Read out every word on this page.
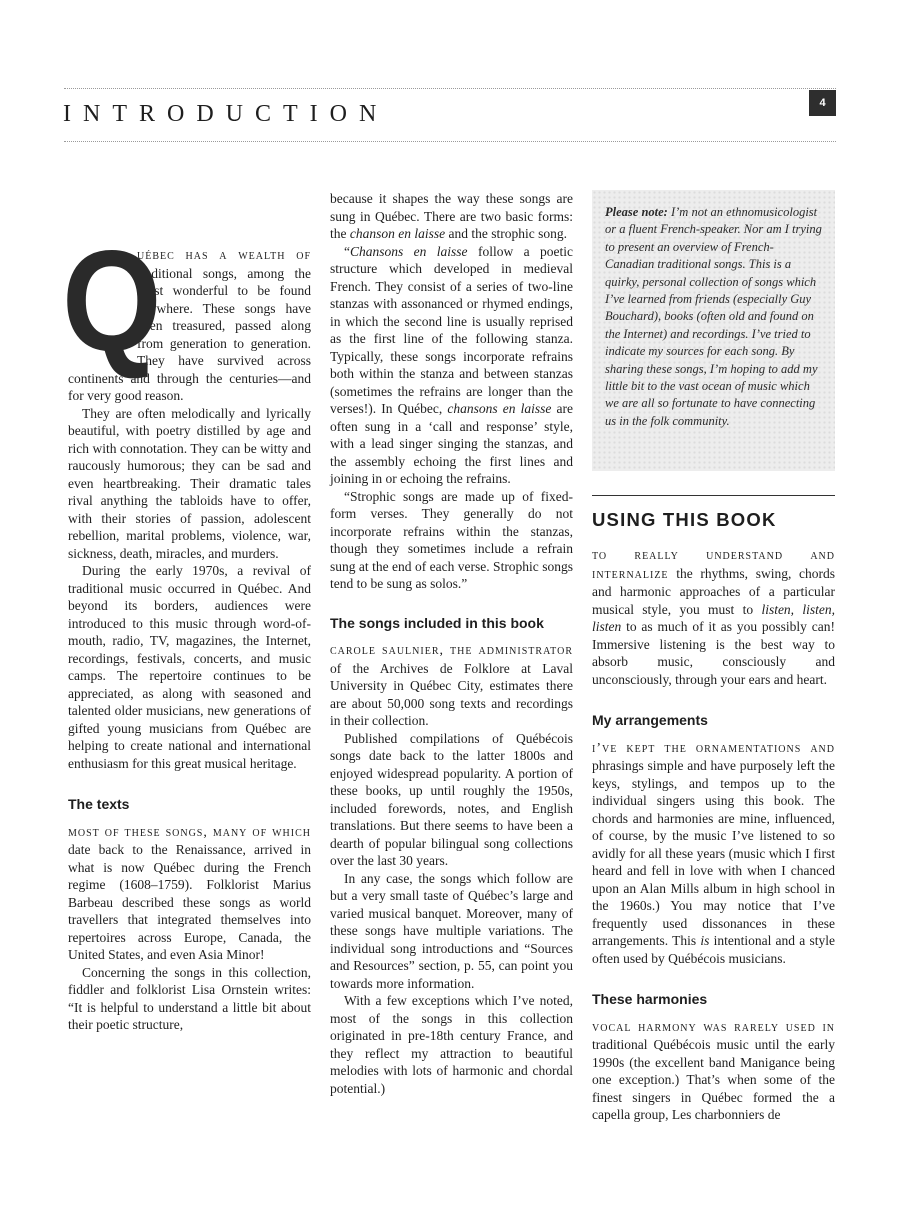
INTRODUCTION	4
Q

uébec has a wealth of traditional songs, among the most wonderful to be found anywhere. These songs have been treasured, passed along from generation to generation. They have survived across continents and through the centuries—and for very good reason.

They are often melodically and lyrically beautiful, with poetry distilled by age and rich with connotation. They can be witty and raucously humorous; they can be sad and even heartbreaking. Their dramatic tales rival anything the tabloids have to offer, with their stories of passion, adolescent rebellion, marital problems, violence, war, sickness, death, miracles, and murders.

During the early 1970s, a revival of traditional music occurred in Québec. And beyond its borders, audiences were introduced to this music through word-of-mouth, radio, TV, magazines, the Internet, recordings, festivals, concerts, and music camps. The repertoire continues to be appreciated, as along with seasoned and talented older musicians, new generations of gifted young musicians from Québec are helping to create national and international enthusiasm for this great musical heritage.

The texts

most of these songs, many of which date back to the Renaissance, arrived in what is now Québec during the French regime (1608–1759). Folklorist Marius Barbeau described these songs as world travellers that integrated themselves into repertoires across Europe, Canada, the United States, and even Asia Minor!

Concerning the songs in this collection, fiddler and folklorist Lisa Ornstein writes: “It is helpful to understand a little bit about their poetic structure,

because it shapes the way these songs are sung in Québec. There are two basic forms: the chanson en laisse and the strophic song.

“Chansons en laisse follow a poetic structure which developed in medieval French. They consist of a series of two-line stanzas with assonanced or rhymed endings, in which the second line is usually reprised as the first line of the following stanza. Typically, these songs incorporate refrains both within the stanza and between stanzas (sometimes the refrains are longer than the verses!). In Québec, chansons en laisse are often sung in a ‘call and response’ style, with a lead singer singing the stanzas, and the assembly echoing the first lines and joining in or echoing the refrains.

“Strophic songs are made up of fixed-form verses. They generally do not incorporate refrains within the stanzas, though they sometimes include a refrain sung at the end of each verse. Strophic songs tend to be sung as solos.”

The songs included in this book

carole saulnier, the administrator of the Archives de Folklore at Laval University in Québec City, estimates there are about 50,000 song texts and recordings in their collection.

Published compilations of Québécois songs date back to the latter 1800s and enjoyed widespread popularity. A portion of these books, up until roughly the 1950s, included forewords, notes, and English translations. But there seems to have been a dearth of popular bilingual song collections over the last 30 years.

In any case, the songs which follow are but a very small taste of Québec’s large and varied musical banquet. Moreover, many of these songs have multiple variations. The individual song introductions and “Sources and Resources” section, p. 55, can point you towards more information.

With a few exceptions which I’ve noted, most of the songs in this collection originated in pre-18th century France, and they reflect my attraction to beautiful melodies with lots of harmonic and chordal potential.)

Please note: I’m not an ethnomusicologist or a fluent French-speaker. Nor am I trying to present an overview of French-Canadian traditional songs. This is a quirky, personal collection of songs which I’ve learned from friends (especially Guy Bouchard), books (often old and found on the Internet) and recordings. I’ve tried to indicate my sources for each song. By sharing these songs, I’m hoping to add my little bit to the vast ocean of music which we are all so fortunate to have connecting us in the folk community.

USING THIS BOOK

to really understand and internalize the rhythms, swing, chords and harmonic approaches of a particular musical style, you must to listen, listen, listen to as much of it as you possibly can! Immersive listening is the best way to absorb music, consciously and unconsciously, through your ears and heart.

My arrangements

i’ve kept the ornamentations and phrasings simple and have purposely left the keys, stylings, and tempos up to the individual singers using this book. The chords and harmonies are mine, influenced, of course, by the music I’ve listened to so avidly for all these years (music which I first heard and fell in love with when I chanced upon an Alan Mills album in high school in the 1960s.) You may notice that I’ve frequently used dissonances in these arrangements. This is intentional and a style often used by Québécois musicians.

These harmonies

vocal harmony was rarely used in traditional Québécois music until the early 1990s (the excellent band Manigance being one exception.) That’s when some of the finest singers in Québec formed the a capella group, Les charbonniers de
